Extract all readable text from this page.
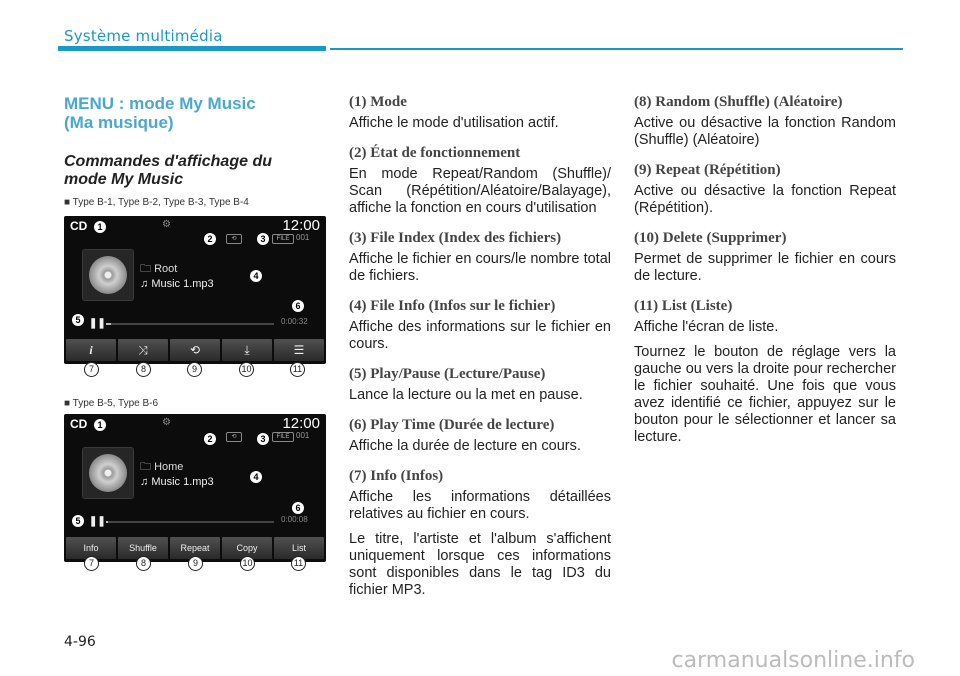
Système multimédia
MENU : mode My Music
(Ma musique)
Commandes d'affichage du
mode My Music
■ Type B-1, Type B-2, Type B-3, Type B-4
CD	⚙	12:00
⟲	FILE 001
🗀 Root
♫ Music 1.mp3
❚❚	0:00:32
i	⤨	⟲	⤓	☰
1
2	3
4
5
6
7	8	9	10	11
■ Type B-5, Type B-6
CD	⚙	12:00
⟲	FILE 001
🗀 Home
♫ Music 1.mp3
❚❚	0:00:08
Info	Shuffle	Repeat	Copy	List
1
2	3
4
5
6
7	8	9	10	11
(1) Mode

Affiche le mode d'utilisation actif.

(2) État de fonctionnement

En mode Repeat/Random (Shuffle)/ Scan (Répétition/Aléatoire/Balayage), affiche la fonction en cours d'utilisation

(3) File Index (Index des fichiers)

Affiche le fichier en cours/le nombre total de fichiers.

(4) File Info (Infos sur le fichier)

Affiche des informations sur le fichier en cours.

(5) Play/Pause (Lecture/Pause)

Lance la lecture ou la met en pause.

(6) Play Time (Durée de lecture)

Affiche la durée de lecture en cours.

(7) Info (Infos)

Affiche les informations détaillées relatives au fichier en cours.

Le titre, l'artiste et l'album s'affichent uniquement lorsque ces informations sont disponibles dans le tag ID3 du fichier MP3.

(8) Random (Shuffle) (Aléatoire)

Active ou désactive la fonction Random (Shuffle) (Aléatoire)

(9) Repeat (Répétition)

Active ou désactive la fonction Repeat (Répétition).

(10) Delete (Supprimer)

Permet de supprimer le fichier en cours de lecture.

(11) List (Liste)

Affiche l'écran de liste.

Tournez le bouton de réglage vers la gauche ou vers la droite pour rechercher le fichier souhaité. Une fois que vous avez identifié ce fichier, appuyez sur le bouton pour le sélectionner et lancer sa lecture.

4-96
carmanualsonline.info
